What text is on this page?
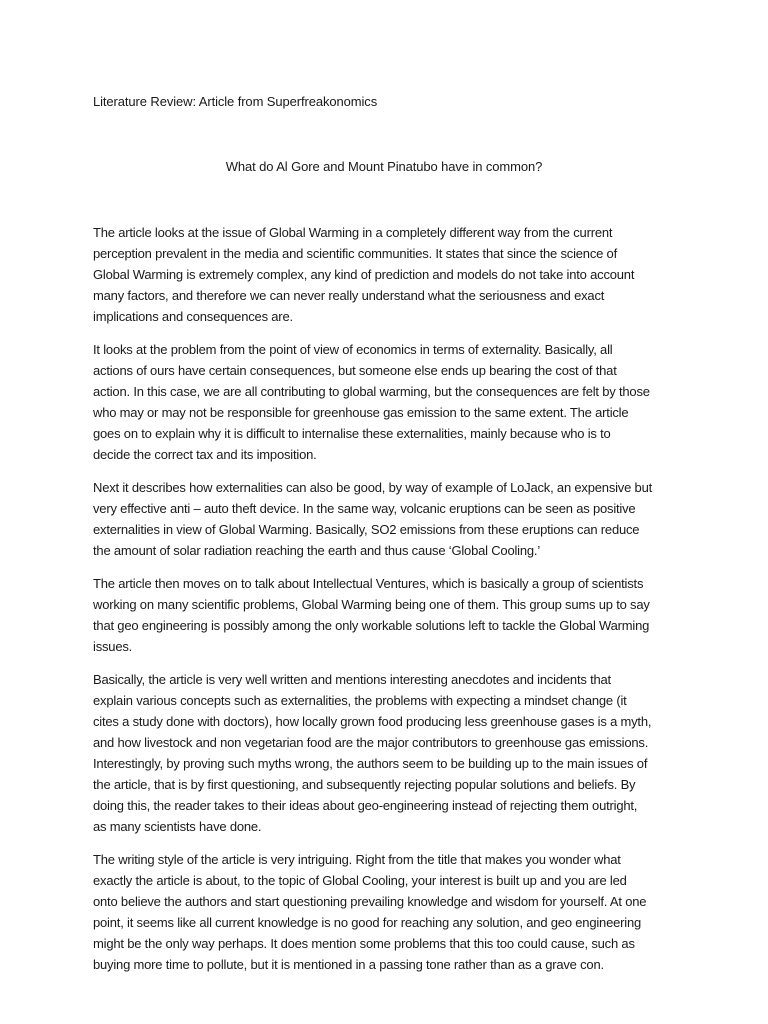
Literature Review: Article from Superfreakonomics
What do Al Gore and Mount Pinatubo have in common?
The article looks at the issue of Global Warming in a completely different way from the current
perception prevalent in the media and scientific communities. It states that since the science of
Global Warming is extremely complex, any kind of prediction and models do not take into account
many factors, and therefore we can never really understand what the seriousness and exact
implications and consequences are.
It looks at the problem from the point of view of economics in terms of externality. Basically, all
actions of ours have certain consequences, but someone else ends up bearing the cost of that
action. In this case, we are all contributing to global warming, but the consequences are felt by those
who may or may not be responsible for greenhouse gas emission to the same extent. The article
goes on to explain why it is difficult to internalise these externalities, mainly because who is to
decide the correct tax and its imposition.
Next it describes how externalities can also be good, by way of example of LoJack, an expensive but
very effective anti – auto theft device. In the same way, volcanic eruptions can be seen as positive
externalities in view of Global Warming. Basically, SO2 emissions from these eruptions can reduce
the amount of solar radiation reaching the earth and thus cause ‘Global Cooling.’
The article then moves on to talk about Intellectual Ventures, which is basically a group of scientists
working on many scientific problems, Global Warming being one of them. This group sums up to say
that geo engineering is possibly among the only workable solutions left to tackle the Global Warming
issues.
Basically, the article is very well written and mentions interesting anecdotes and incidents that
explain various concepts such as externalities, the problems with expecting a mindset change (it
cites a study done with doctors), how locally grown food producing less greenhouse gases is a myth,
and how livestock and non vegetarian food are the major contributors to greenhouse gas emissions.
Interestingly, by proving such myths wrong, the authors seem to be building up to the main issues of
the article, that is by first questioning, and subsequently rejecting popular solutions and beliefs. By
doing this, the reader takes to their ideas about geo-engineering instead of rejecting them outright,
as many scientists have done.
The writing style of the article is very intriguing. Right from the title that makes you wonder what
exactly the article is about, to the topic of Global Cooling, your interest is built up and you are led
onto believe the authors and start questioning prevailing knowledge and wisdom for yourself. At one
point, it seems like all current knowledge is no good for reaching any solution, and geo engineering
might be the only way perhaps. It does mention some problems that this too could cause, such as
buying more time to pollute, but it is mentioned in a passing tone rather than as a grave con.
